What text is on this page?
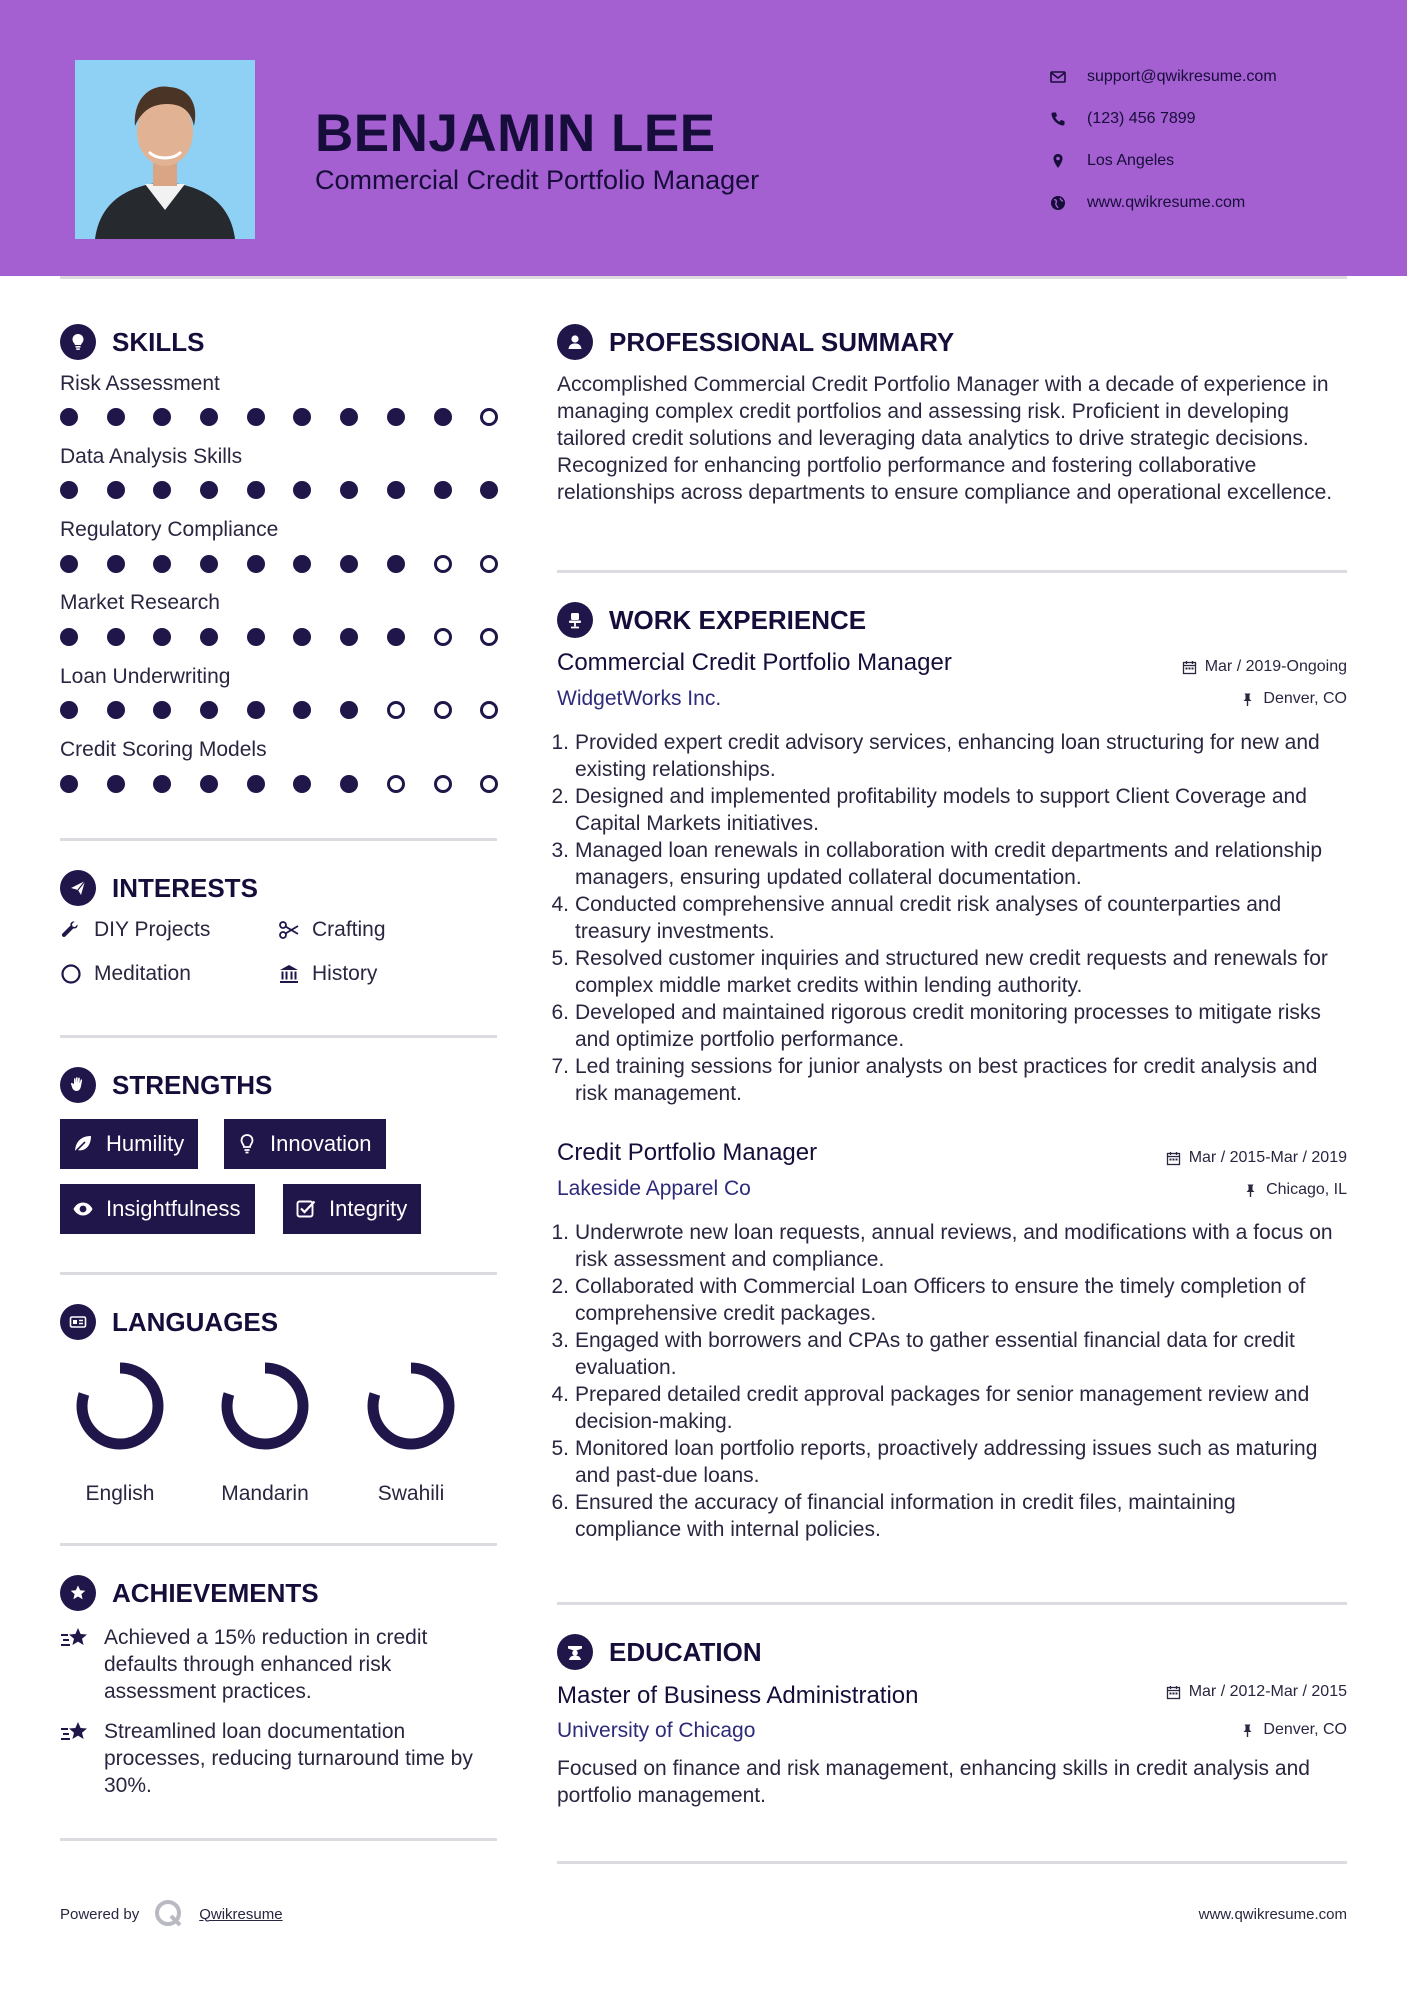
BENJAMIN LEE
Commercial Credit Portfolio Manager
support@qwikresume.com
(123) 456 7899
Los Angeles
www.qwikresume.com
SKILLS
Risk Assessment
Data Analysis Skills
Regulatory Compliance
Market Research
Loan Underwriting
Credit Scoring Models
INTERESTS
DIY Projects	Crafting
Meditation	History
STRENGTHS
Humility	Innovation
Insightfulness	Integrity
LANGUAGES
English	Mandarin	Swahili
ACHIEVEMENTS
Achieved a 15% reduction in credit defaults through enhanced risk assessment practices.
Streamlined loan documentation processes, reducing turnaround time by 30%.
PROFESSIONAL SUMMARY
Accomplished Commercial Credit Portfolio Manager with a decade of experience in managing complex credit portfolios and assessing risk. Proficient in developing tailored credit solutions and leveraging data analytics to drive strategic decisions. Recognized for enhancing portfolio performance and fostering collaborative relationships across departments to ensure compliance and operational excellence.
WORK EXPERIENCE
Commercial Credit Portfolio Manager	Mar / 2019-Ongoing
WidgetWorks Inc.	Denver, CO
1. Provided expert credit advisory services, enhancing loan structuring for new and existing relationships.
2. Designed and implemented profitability models to support Client Coverage and Capital Markets initiatives.
3. Managed loan renewals in collaboration with credit departments and relationship managers, ensuring updated collateral documentation.
4. Conducted comprehensive annual credit risk analyses of counterparties and treasury investments.
5. Resolved customer inquiries and structured new credit requests and renewals for complex middle market credits within lending authority.
6. Developed and maintained rigorous credit monitoring processes to mitigate risks and optimize portfolio performance.
7. Led training sessions for junior analysts on best practices for credit analysis and risk management.
Credit Portfolio Manager	Mar / 2015-Mar / 2019
Lakeside Apparel Co	Chicago, IL
1. Underwrote new loan requests, annual reviews, and modifications with a focus on risk assessment and compliance.
2. Collaborated with Commercial Loan Officers to ensure the timely completion of comprehensive credit packages.
3. Engaged with borrowers and CPAs to gather essential financial data for credit evaluation.
4. Prepared detailed credit approval packages for senior management review and decision-making.
5. Monitored loan portfolio reports, proactively addressing issues such as maturing and past-due loans.
6. Ensured the accuracy of financial information in credit files, maintaining compliance with internal policies.
EDUCATION
Master of Business Administration	Mar / 2012-Mar / 2015
University of Chicago	Denver, CO
Focused on finance and risk management, enhancing skills in credit analysis and portfolio management.
Powered by	Qwikresume	www.qwikresume.com
